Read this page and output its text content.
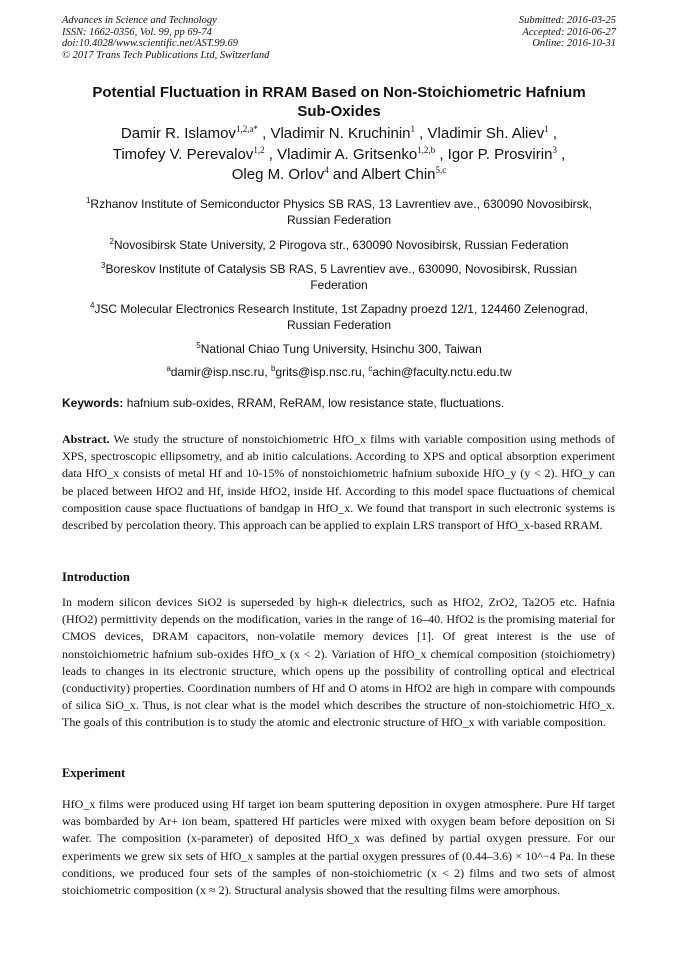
Advances in Science and Technology
ISSN: 1662-0356, Vol. 99, pp 69-74
doi:10.4028/www.scientific.net/AST.99.69
© 2017 Trans Tech Publications Ltd, Switzerland
Submitted: 2016-03-25
Accepted: 2016-06-27
Online: 2016-10-31
Potential Fluctuation in RRAM Based on Non-Stoichiometric Hafnium
Sub-Oxides
Damir R. Islamov$^{1,2,a*}$ , Vladimir N. Kruchinin$^1$ , Vladimir Sh. Aliev$^1$ ,
Timofey V. Perevalov$^{1,2}$ , Vladimir A. Gritsenko$^{1,2,b}$ , Igor P. Prosvirin$^3$ ,
Oleg M. Orlov$^4$ and Albert Chin$^{5,c}$
$^1$Rzhanov Institute of Semiconductor Physics SB RAS, 13 Lavrentiev ave., 630090 Novosibirsk,
Russian Federation
$^2$Novosibirsk State University, 2 Pirogova str., 630090 Novosibirsk, Russian Federation
$^3$Boreskov Institute of Catalysis SB RAS, 5 Lavrentiev ave., 630090, Novosibirsk, Russian
Federation
$^4$JSC Molecular Electronics Research Institute, 1st Zapadny proezd 12/1, 124460 Zelenograd,
Russian Federation
$^5$National Chiao Tung University, Hsinchu 300, Taiwan
$^a$damir@isp.nsc.ru, $^b$grits@isp.nsc.ru, $^c$achin@faculty.nctu.edu.tw
Keywords: hafnium sub-oxides, RRAM, ReRAM, low resistance state, fluctuations.
Abstract. We study the structure of nonstoichiometric HfO_x films with variable composition using methods of XPS, spectroscopic ellipsometry, and ab initio calculations. According to XPS and optical absorption experiment data HfO_x consists of metal Hf and 10-15% of nonstoichiometric hafnium suboxide HfO_y (y < 2). HfO_y can be placed between HfO2 and Hf, inside HfO2, inside Hf. According to this model space fluctuations of chemical composition cause space fluctuations of bandgap in HfO_x. We found that transport in such electronic systems is described by percolation theory. This approach can be applied to explain LRS transport of HfO_x-based RRAM.
Introduction
In modern silicon devices SiO2 is superseded by high-κ dielectrics, such as HfO2, ZrO2, Ta2O5 etc. Hafnia (HfO2) permittivity depends on the modification, varies in the range of 16–40. HfO2 is the promising material for CMOS devices, DRAM capacitors, non-volatile memory devices [1]. Of great interest is the use of nonstoichiometric hafnium sub-oxides HfO_x (x < 2). Variation of HfO_x chemical composition (stoichiometry) leads to changes in its electronic structure, which opens up the possibility of controlling optical and electrical (conductivity) properties. Coordination numbers of Hf and O atoms in HfO2 are high in compare with compounds of silica SiO_x. Thus, is not clear what is the model which describes the structure of non-stoichiometric HfO_x. The goals of this contribution is to study the atomic and electronic structure of HfO_x with variable composition.
Experiment
HfO_x films were produced using Hf target ion beam sputtering deposition in oxygen atmosphere. Pure Hf target was bombarded by Ar+ ion beam, spattered Hf particles were mixed with oxygen beam before deposition on Si wafer. The composition (x-parameter) of deposited HfO_x was defined by partial oxygen pressure. For our experiments we grew six sets of HfO_x samples at the partial oxygen pressures of (0.44–3.6) × 10^−4 Pa. In these conditions, we produced four sets of the samples of non-stoichiometric (x < 2) films and two sets of almost stoichiometric composition (x ≈ 2). Structural analysis showed that the resulting films were amorphous.
